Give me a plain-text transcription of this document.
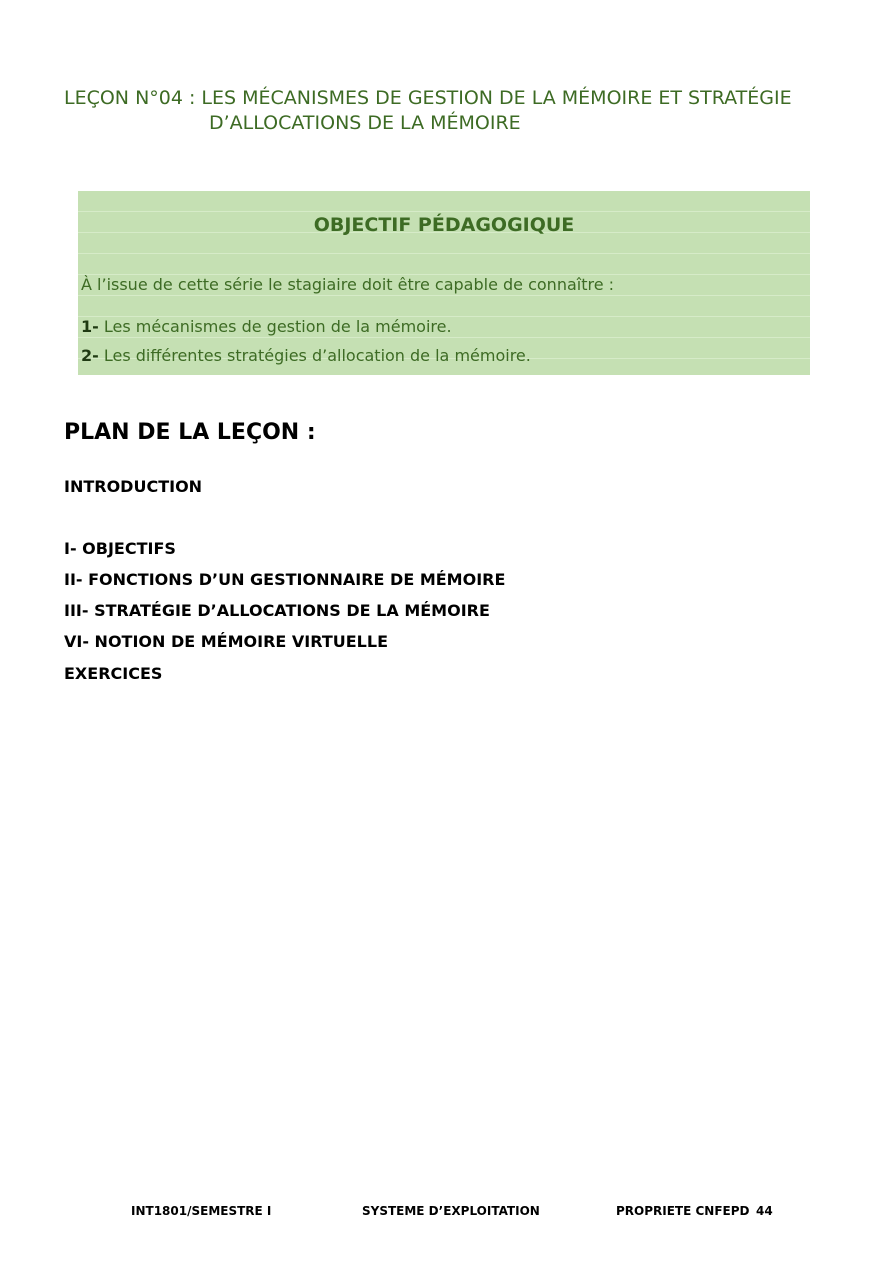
LEÇON N°04 : LES MÉCANISMES DE GESTION DE LA MÉMOIRE ET STRATÉGIE
D’ALLOCATIONS DE LA MÉMOIRE
OBJECTIF PÉDAGOGIQUE
À l’issue de cette série le stagiaire doit être capable de connaître :
1- Les mécanismes de gestion de la mémoire.
2- Les différentes stratégies d’allocation de la mémoire.
PLAN DE LA LEÇON :
INTRODUCTION
I- OBJECTIFS
II- FONCTIONS D’UN GESTIONNAIRE DE MÉMOIRE
III- STRATÉGIE D’ALLOCATIONS DE LA MÉMOIRE
VI- NOTION DE MÉMOIRE VIRTUELLE
EXERCICES
INT1801/SEMESTRE I	SYSTEME D’EXPLOITATION	PROPRIETE CNFEPD 44
